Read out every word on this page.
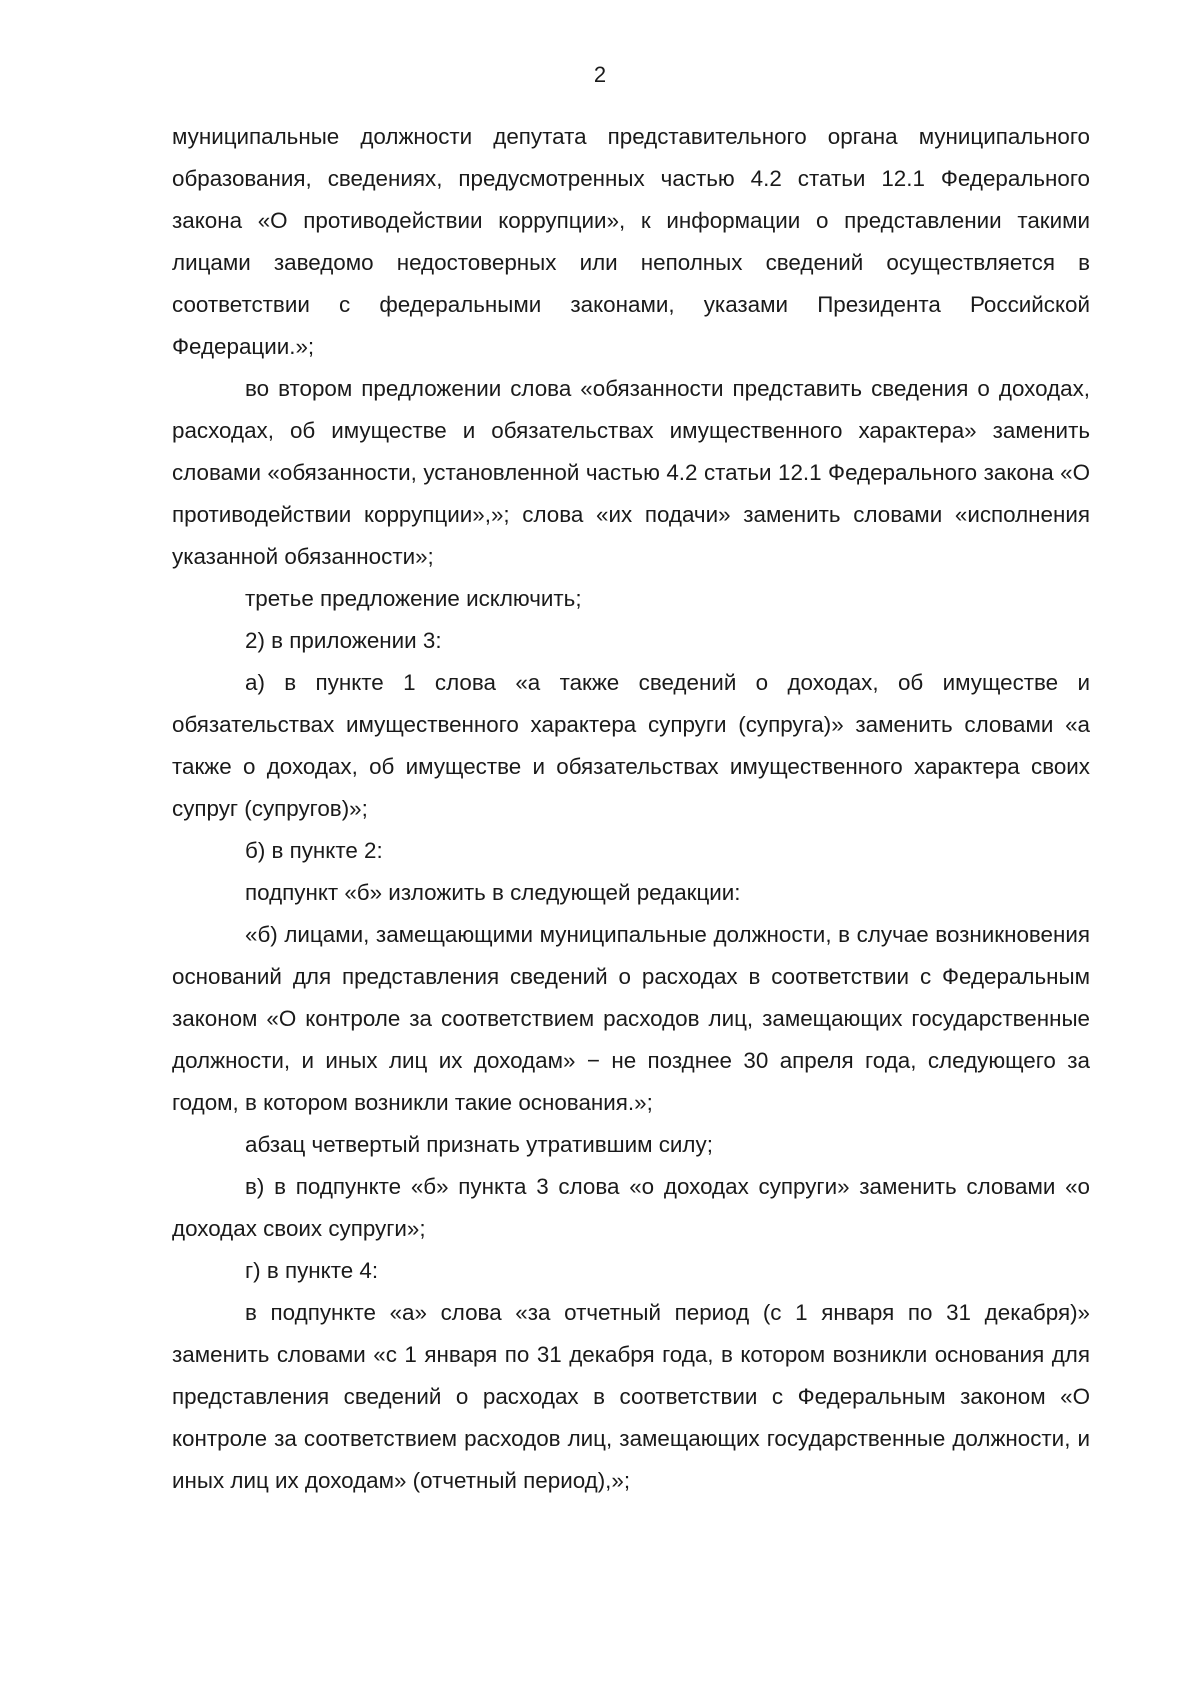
2

муниципальные должности депутата представительного органа муниципального образования, сведениях, предусмотренных частью 4.2 статьи 12.1 Федерального закона «О противодействии коррупции», к информации о представлении такими лицами заведомо недостоверных или неполных сведений осуществляется в соответствии с федеральными законами, указами Президента Российской Федерации.»;

во втором предложении слова «обязанности представить сведения о доходах, расходах, об имуществе и обязательствах имущественного характера» заменить словами «обязанности, установленной частью 4.2 статьи 12.1 Федерального закона «О противодействии коррупции»,»; слова «их подачи» заменить словами «исполнения указанной обязанности»;

третье предложение исключить;

2) в приложении 3:

а) в пункте 1 слова «а также сведений о доходах, об имуществе и обязательствах имущественного характера супруги (супруга)» заменить словами «а также о доходах, об имуществе и обязательствах имущественного характера своих супруг (супругов)»;

б) в пункте 2:

подпункт «б» изложить в следующей редакции:

«б) лицами, замещающими муниципальные должности, в случае возникновения оснований для представления сведений о расходах в соответствии с Федеральным законом «О контроле за соответствием расходов лиц, замещающих государственные должности, и иных лиц их доходам» − не позднее 30 апреля года, следующего за годом, в котором возникли такие основания.»;

абзац четвертый признать утратившим силу;

в) в подпункте «б» пункта 3 слова «о доходах супруги» заменить словами «о доходах своих супруги»;

г) в пункте 4:

в подпункте «а» слова «за отчетный период (с 1 января по 31 декабря)» заменить словами «с 1 января по 31 декабря года, в котором возникли основания для представления сведений о расходах в соответствии с Федеральным законом «О контроле за соответствием расходов лиц, замещающих государственные должности, и иных лиц их доходам» (отчетный период),»;
